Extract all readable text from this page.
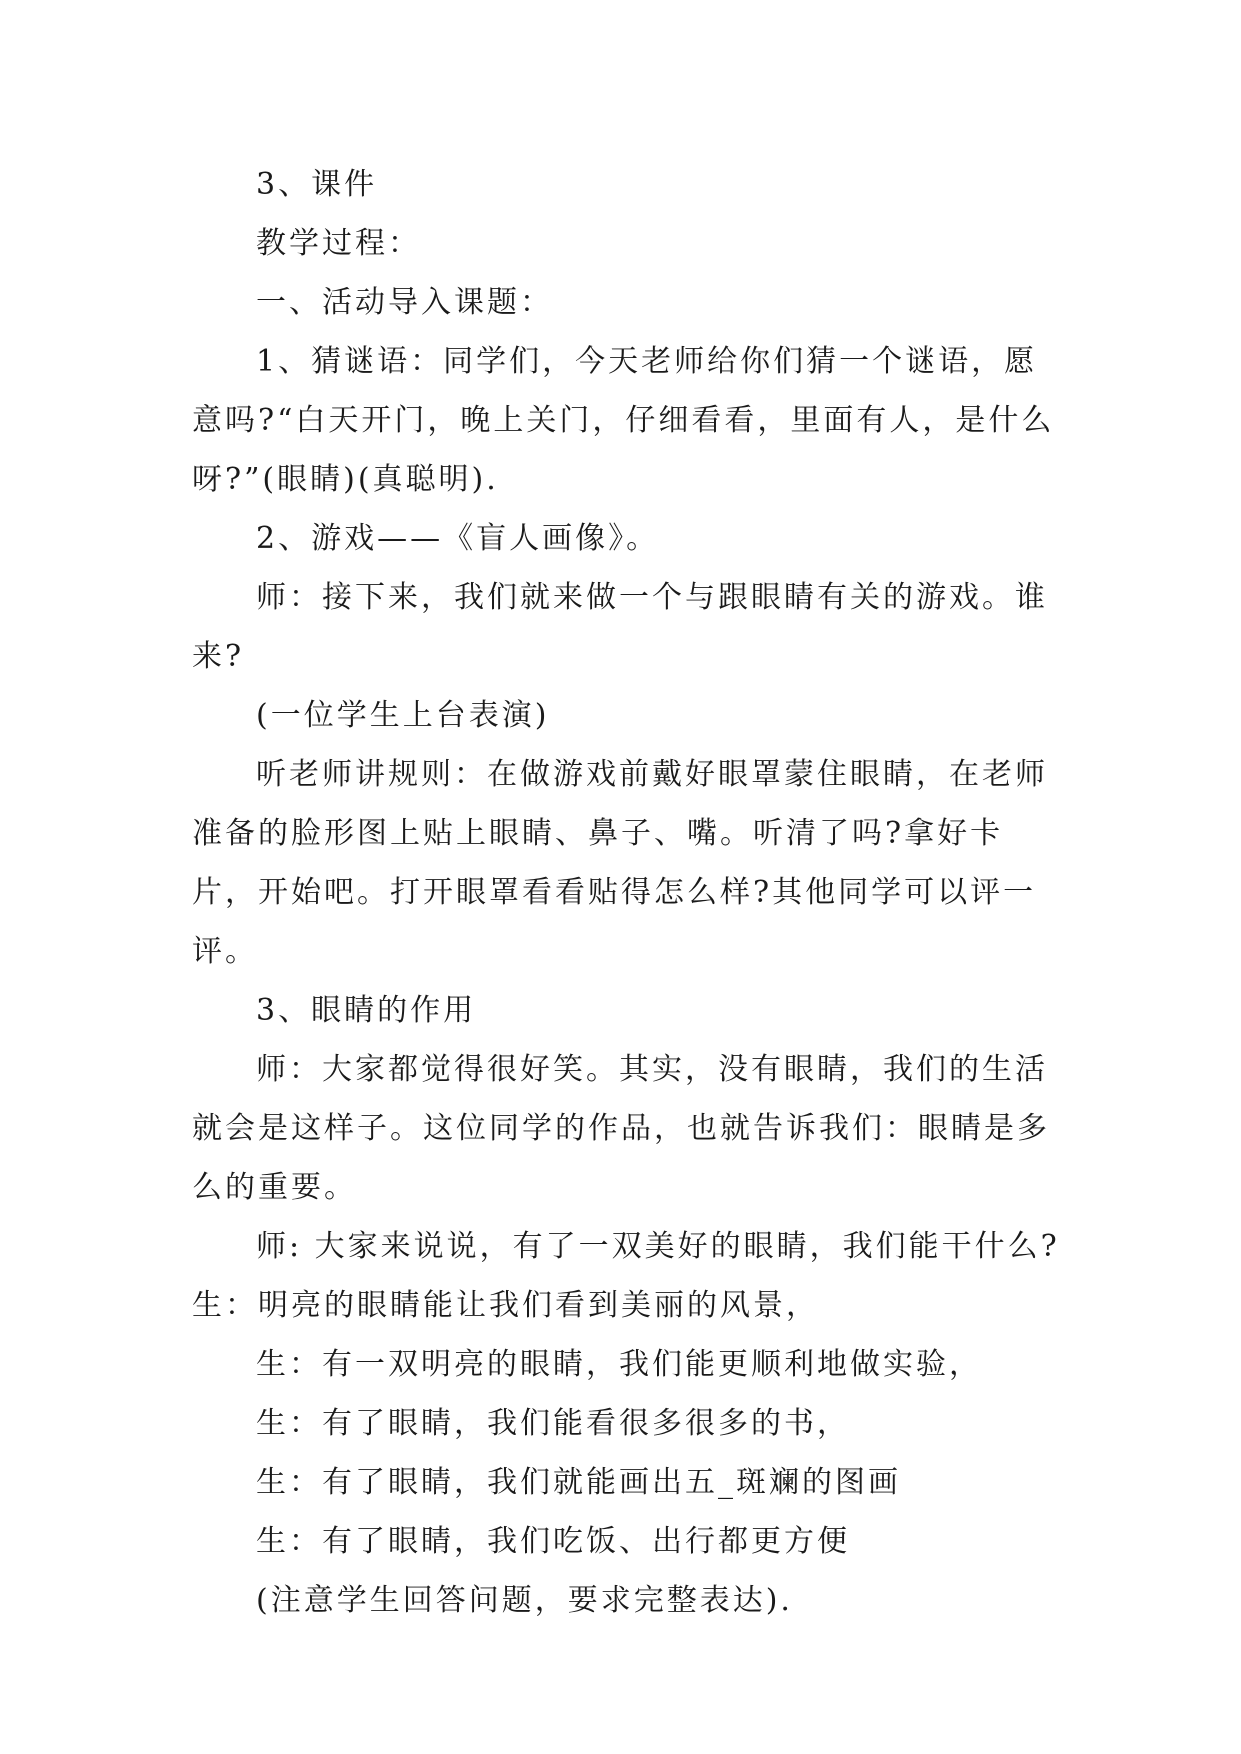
3、课件

教学过程：

一、活动导入课题：

1、猜谜语：同学们，今天老师给你们猜一个谜语，愿意吗?“白天开门，晚上关门，仔细看看，里面有人，是什么呀?”(眼睛)(真聪明).

2、游戏——《盲人画像》。

师：接下来，我们就来做一个与跟眼睛有关的游戏。谁来?

(一位学生上台表演)

听老师讲规则：在做游戏前戴好眼罩蒙住眼睛，在老师准备的脸形图上贴上眼睛、鼻子、嘴。听清了吗?拿好卡片，开始吧。打开眼罩看看贴得怎么样?其他同学可以评一评。

3、眼睛的作用

师：大家都觉得很好笑。其实，没有眼睛，我们的生活就会是这样子。这位同学的作品，也就告诉我们：眼睛是多么的重要。

师: 大家来说说，有了一双美好的眼睛，我们能干什么?

生：明亮的眼睛能让我们看到美丽的风景，

生：有一双明亮的眼睛，我们能更顺利地做实验，

生：有了眼睛，我们能看很多很多的书，

生：有了眼睛，我们就能画出五_斑斓的图画

生：有了眼睛，我们吃饭、出行都更方便

(注意学生回答问题，要求完整表达).
